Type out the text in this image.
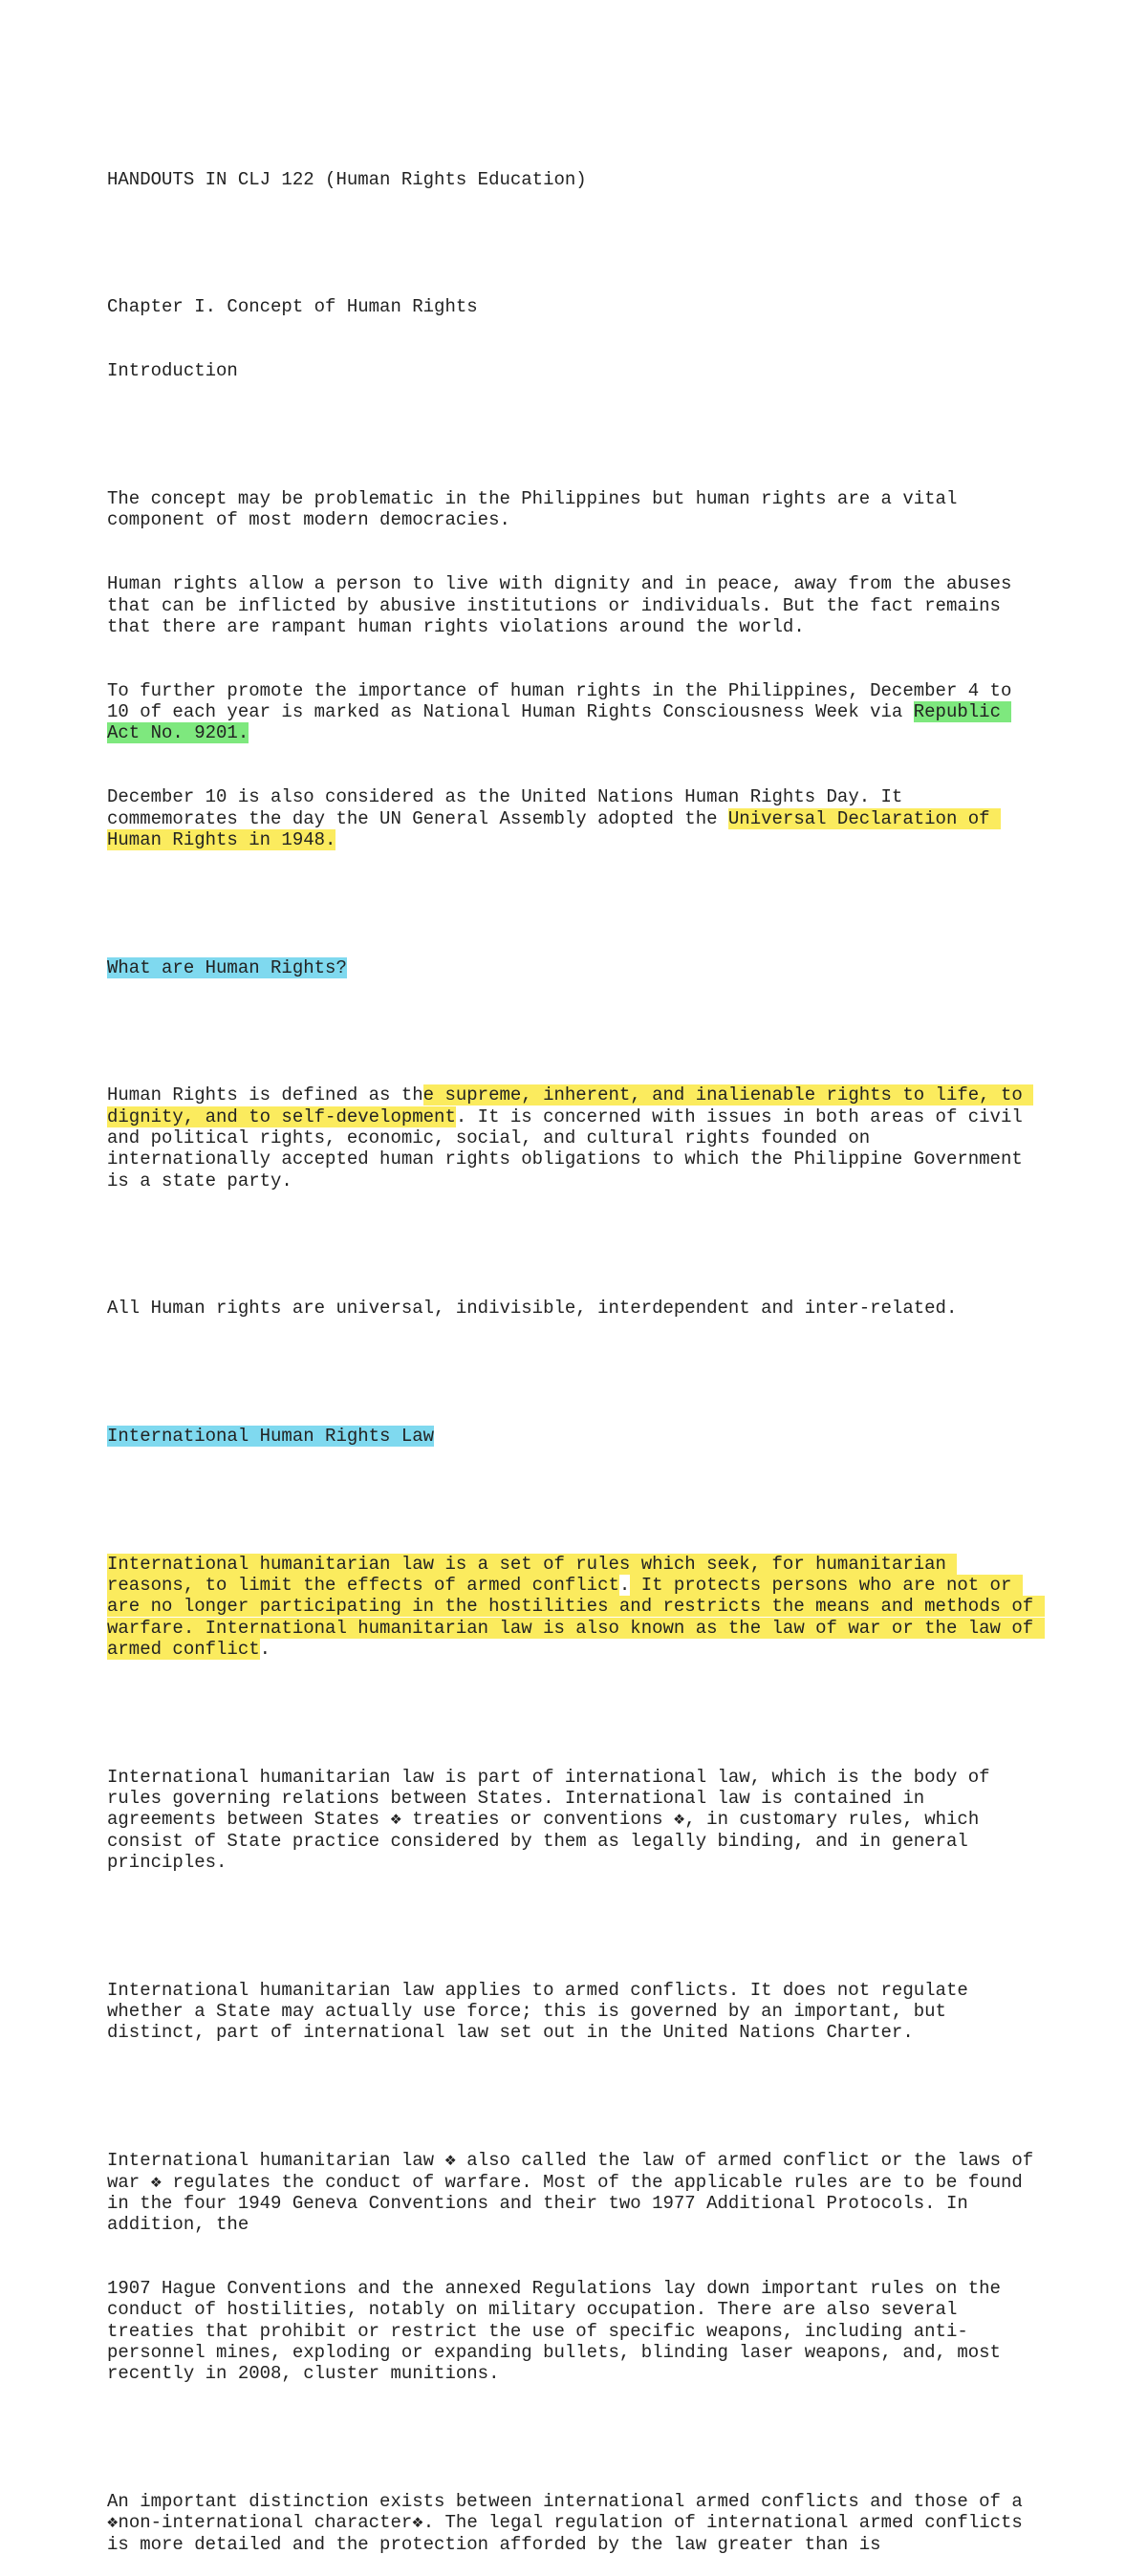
HANDOUTS IN CLJ 122 (Human Rights Education)

Chapter I. Concept of Human Rights

Introduction

The concept may be problematic in the Philippines but human rights are a vital component of most modern democracies.

Human rights allow a person to live with dignity and in peace, away from the abuses that can be inflicted by abusive institutions or individuals. But the fact remains that there are rampant human rights violations around the world.

To further promote the importance of human rights in the Philippines, December 4 to 10 of each year is marked as National Human Rights Consciousness Week via Republic Act No. 9201.

December 10 is also considered as the United Nations Human Rights Day. It commemorates the day the UN General Assembly adopted the Universal Declaration of Human Rights in 1948.

What are Human Rights?

Human Rights is defined as the supreme, inherent, and inalienable rights to life, to dignity, and to self-development. It is concerned with issues in both areas of civil and political rights, economic, social, and cultural rights founded on internationally accepted human rights obligations to which the Philippine Government is a state party.

All Human rights are universal, indivisible, interdependent and inter-related.

International Human Rights Law

International humanitarian law is a set of rules which seek, for humanitarian reasons, to limit the effects of armed conflict. It protects persons who are not or are no longer participating in the hostilities and restricts the means and methods of warfare. International humanitarian law is also known as the law of war or the law of armed conflict.

International humanitarian law is part of international law, which is the body of rules governing relations between States. International law is contained in agreements between States ❖ treaties or conventions ❖, in customary rules, which consist of State practice considered by them as legally binding, and in general principles.

International humanitarian law applies to armed conflicts. It does not regulate whether a State may actually use force; this is governed by an important, but distinct, part of international law set out in the United Nations Charter.

International humanitarian law ❖ also called the law of armed conflict or the laws of war ❖ regulates the conduct of warfare. Most of the applicable rules are to be found in the four 1949 Geneva Conventions and their two 1977 Additional Protocols. In addition, the

1907 Hague Conventions and the annexed Regulations lay down important rules on the conduct of hostilities, notably on military occupation. There are also several treaties that prohibit or restrict the use of specific weapons, including anti-personnel mines, exploding or expanding bullets, blinding laser weapons, and, most recently in 2008, cluster munitions.

An important distinction exists between international armed conflicts and those of a ❖non-international character❖. The legal regulation of international armed conflicts is more detailed and the protection afforded by the law greater than is
